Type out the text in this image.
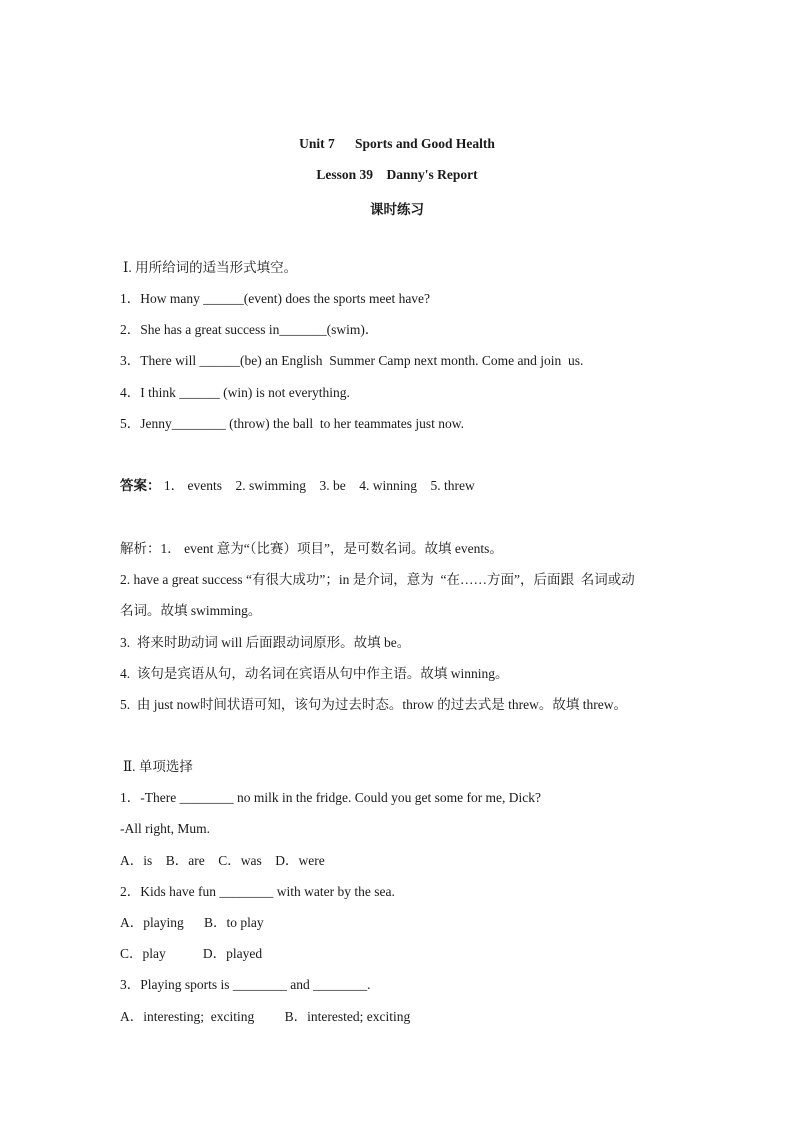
Unit 7      Sports and Good Health
Lesson 39    Danny's Report
课时练习
Ⅰ. 用所给词的适当形式填空。
1．How many ______(event) does the sports meet have?
2．She has a great success in_______(swim)．
3．There will ______(be) an English  Summer Camp next month. Come and join  us.
4．I think ______ (win) is not everything.
5．Jenny________ (throw) the ball  to her teammates just now.
答案： 1． events    2. swimming    3. be    4. winning    5. threw
解析：1． event 意为“（比赛）项目”，是可数名词。故填 events。
2. have a great success “有很大成功”；in 是介词，意为  “在……方面”，后面跟  名词或动
名词。故填 swimming。
3.  将来时助动词 will 后面跟动词原形。故填 be。
4.  该句是宾语从句，动名词在宾语从句中作主语。故填 winning。
5.  由 just now时间状语可知，该句为过去时态。throw 的过去式是 threw。故填 threw。
Ⅱ. 单项选择
1．-There ________ no milk in the fridge. Could you get some for me, Dick?
-All right, Mum.
A．is    B．are    C．was    D．were
2．Kids have fun ________ with water by the sea.
A．playing      B．to play
C．play           D．played
3．Playing sports is ________ and ________.
A．interesting;  exciting         B．interested; exciting
